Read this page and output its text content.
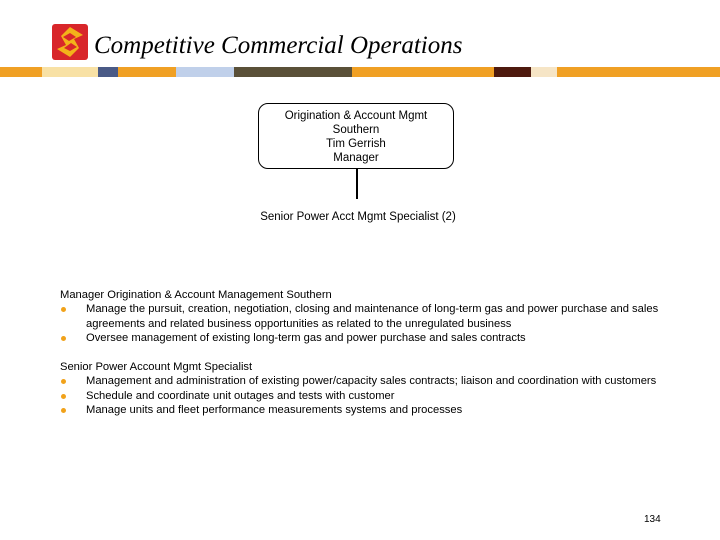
Competitive Commercial Operations
Origination & Account Mgmt
Southern
Tim Gerrish
Manager
Senior Power Acct Mgmt Specialist (2)
Manager Origination & Account Management Southern
Manage the pursuit, creation, negotiation, closing and maintenance of long-term gas and power purchase and sales agreements and related business opportunities as related to the unregulated business
Oversee management of existing long-term gas and power purchase and sales contracts
Senior Power Account Mgmt Specialist
Management and administration of existing power/capacity sales contracts; liaison and coordination with customers
Schedule and coordinate unit outages and tests with customer
Manage units and fleet performance measurements systems and processes
134
